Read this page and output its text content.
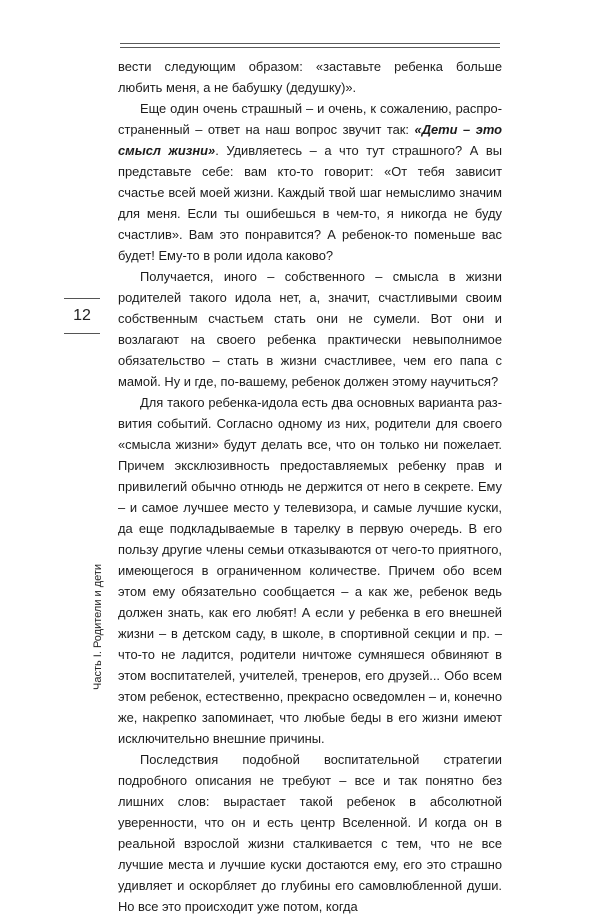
12
Часть I. Родители и дети

вести следующим образом: «заставьте ребенка больше любить меня, а не бабушку (дедушку)».

Еще один очень страшный – и очень, к сожалению, распространенный – ответ на наш вопрос звучит так: «Дети – это смысл жизни». Удивляетесь – а что тут страшного? А вы представьте себе: вам кто-то говорит: «От тебя зависит счастье всей моей жизни. Каждый твой шаг немыслимо значим для меня. Если ты ошибешься в чем-то, я никогда не буду счастлив». Вам это понравится? А ребенок-то поменьше вас будет! Ему-то в роли идола каково?

Получается, иного – собственного – смысла в жизни родителей такого идола нет, а, значит, счастливыми своим собственным счастьем стать они не сумели. Вот они и возлагают на своего ребенка практически невыполнимое обязательство – стать в жизни счастливее, чем его папа с мамой. Ну и где, по-вашему, ребенок должен этому научиться?

Для такого ребенка-идола есть два основных варианта развития событий. Согласно одному из них, родители для своего «смысла жизни» будут делать все, что он только ни пожелает. Причем эксклюзивность предоставляемых ребенку прав и привилегий обычно отнюдь не держится от него в секрете. Ему – и самое лучшее место у телевизора, и самые лучшие куски, да еще подкладываемые в тарелку в первую очередь. В его пользу другие члены семьи отказываются от чего-то приятного, имеющегося в ограниченном количестве. Причем обо всем этом ему обязательно сообщается – а как же, ребенок ведь должен знать, как его любят! А если у ребенка в его внешней жизни – в детском саду, в школе, в спортивной секции и пр. – что-то не ладится, родители ничтоже сумняшеся обвиняют в этом воспитателей, учителей, тренеров, его друзей... Обо всем этом ребенок, естественно, прекрасно осведомлен – и, конечно же, накрепко запоминает, что любые беды в его жизни имеют исключительно внешние причины.

Последствия подобной воспитательной стратегии подробного описания не требуют – все и так понятно без лишних слов: вырастает такой ребенок в абсолютной уверенности, что он и есть центр Вселенной. И когда он в реальной взрослой жизни сталкивается с тем, что не все лучшие места и лучшие куски достаются ему, его это страшно удивляет и оскорбляет до глубины его самовлюбленной души. Но все это происходит уже потом, когда
